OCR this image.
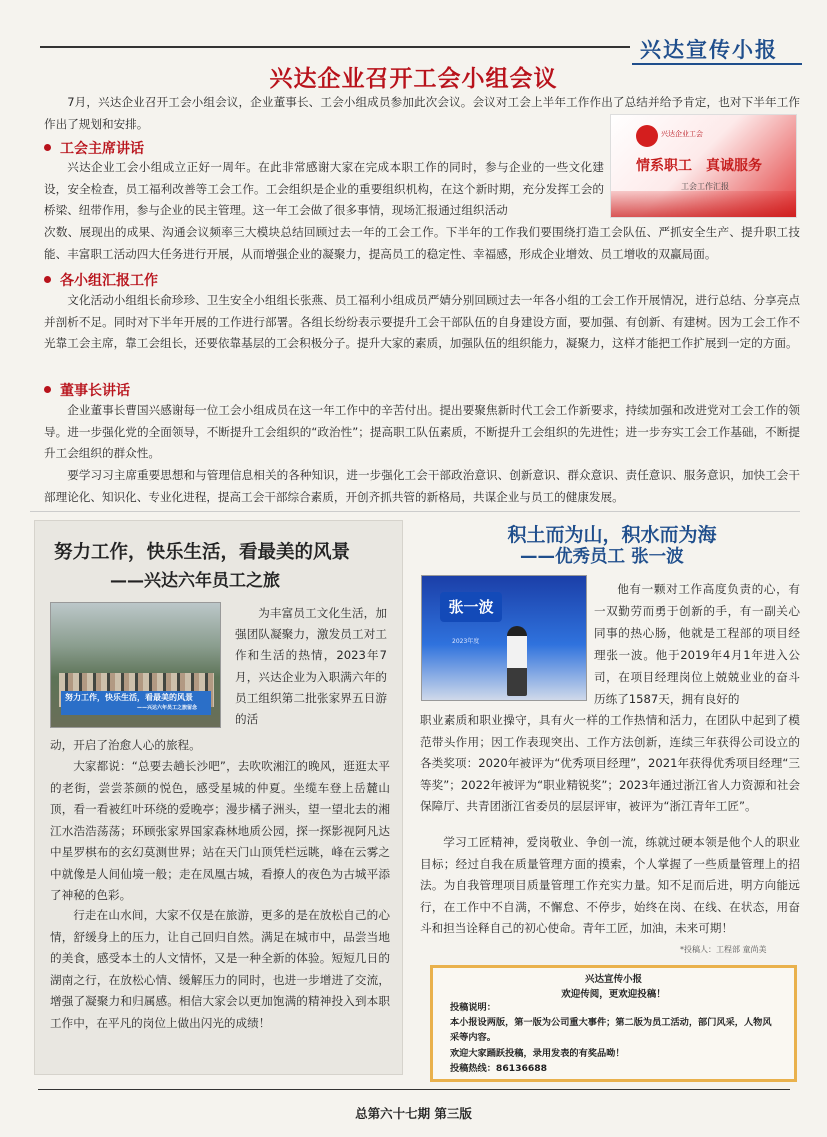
兴达宣传小报
兴达企业召开工会小组会议
7月，兴达企业召开工会小组会议，企业董事长、工会小组成员参加此次会议。会议对工会上半年工作作出了总结并给予肯定，也对下半年工作作出了规划和安排。
工会主席讲话
兴达企业工会小组成立正好一周年。在此非常感谢大家在完成本职工作的同时，参与企业的一些文化建设，安全检查，员工福利改善等工会工作。工会组织是企业的重要组织机构，在这个新时期，充分发挥工会的桥梁、纽带作用，参与企业的民主管理。这一年工会做了很多事情，现场汇报通过组织活动
次数、展现出的成果、沟通会议频率三大模块总结回顾过去一年的工会工作。下半年的工作我们要围绕打造工会队伍、严抓安全生产、提升职工技能、丰富职工活动四大任务进行开展，从而增强企业的凝聚力，提高员工的稳定性、幸福感，形成企业增效、员工增收的双赢局面。
兴达企业工会
情系职工　真诚服务
工会工作汇报
各小组汇报工作
文化活动小组组长俞珍珍、卫生安全小组组长张燕、员工福利小组成员严婧分别回顾过去一年各小组的工会工作开展情况，进行总结、分享亮点并剖析不足。同时对下半年开展的工作进行部署。各组长纷纷表示要提升工会干部队伍的自身建设方面，要加强、有创新、有建树。因为工会工作不光靠工会主席，靠工会组长，还要依靠基层的工会积极分子。提升大家的素质，加强队伍的组织能力，凝聚力，这样才能把工作扩展到一定的方面。
董事长讲话
企业董事长曹国兴感谢每一位工会小组成员在这一年工作中的辛苦付出。提出要聚焦新时代工会工作新要求，持续加强和改进党对工会工作的领导。进一步强化党的全面领导，不断提升工会组织的“政治性”；提高职工队伍素质，不断提升工会组织的先进性；进一步夯实工会工作基础，不断提升工会组织的群众性。
要学习习主席重要思想和与管理信息相关的各种知识，进一步强化工会干部政治意识、创新意识、群众意识、责任意识、服务意识，加快工会干部理论化、知识化、专业化进程，提高工会干部综合素质，开创齐抓共管的新格局，共谋企业与员工的健康发展。
努力工作，快乐生活，看最美的风景
——兴达六年员工之旅
努力工作，快乐生活，看最美的风景
——兴达六年员工之旅留念
为丰富员工文化生活，加强团队凝聚力，激发员工对工作和生活的热情，2023年7月，兴达企业为入职满六年的员工组织第二批张家界五日游的活
动，开启了治愈人心的旅程。
大家都说：“总要去趟长沙吧”，去吹吹湘江的晚风，逛逛太平的老街，尝尝茶颜的悦色，感受星城的仲夏。坐缆车登上岳麓山顶，看一看被红叶环绕的爱晚亭；漫步橘子洲头，望一望北去的湘江水浩浩荡荡；环顾张家界国家森林地质公园，探一探影视阿凡达中星罗棋布的玄幻莫测世界；站在天门山顶凭栏远眺，峰在云雾之中就像是人间仙境一般；走在凤凰古城，看撩人的夜色为古城平添了神秘的色彩。
行走在山水间，大家不仅是在旅游，更多的是在放松自己的心情，舒缓身上的压力，让自己回归自然。满足在城市中，品尝当地的美食，感受本土的人文情怀，又是一种全新的体验。短短几日的湖南之行，在放松心情、缓解压力的同时，也进一步增进了交流，增强了凝聚力和归属感。相信大家会以更加饱满的精神投入到本职工作中，在平凡的岗位上做出闪光的成绩！
积土而为山，积水而为海
——优秀员工 张一波
张一波
2023年度
他有一颗对工作高度负责的心，有一双勤劳而勇于创新的手，有一副关心同事的热心肠，他就是工程部的项目经理张一波。他于2019年4月1年进入公司，在项目经理岗位上兢兢业业的奋斗历练了1587天，拥有良好的
职业素质和职业操守，具有火一样的工作热情和活力，在团队中起到了模范带头作用；因工作表现突出、工作方法创新，连续三年获得公司设立的各类奖项：2020年被评为“优秀项目经理”，2021年获得优秀项目经理“三等奖”；2022年被评为“职业精锐奖”；2023年通过浙江省人力资源和社会保障厅、共青团浙江省委员的层层评审，被评为“浙江青年工匠”。
学习工匠精神，爱岗敬业、争创一流，练就过硬本领是他个人的职业目标；经过自我在质量管理方面的摸索，个人掌握了一些质量管理上的招法。为自我管理项目质量管理工作充实力量。知不足而后进，明方向能远行，在工作中不自满，不懈怠、不停步，始终在岗、在线、在状态，用奋斗和担当诠释自己的初心使命。青年工匠，加油，未来可期！
*投稿人：工程部 童尚美
兴达宣传小报
欢迎传阅，更欢迎投稿！
投稿说明：
本小报设两版，第一版为公司重大事件；第二版为员工活动，部门风采，人物风采等内容。
欢迎大家踊跃投稿，录用发表的有奖品呦！
投稿热线：86136688
总第六十七期 第三版
